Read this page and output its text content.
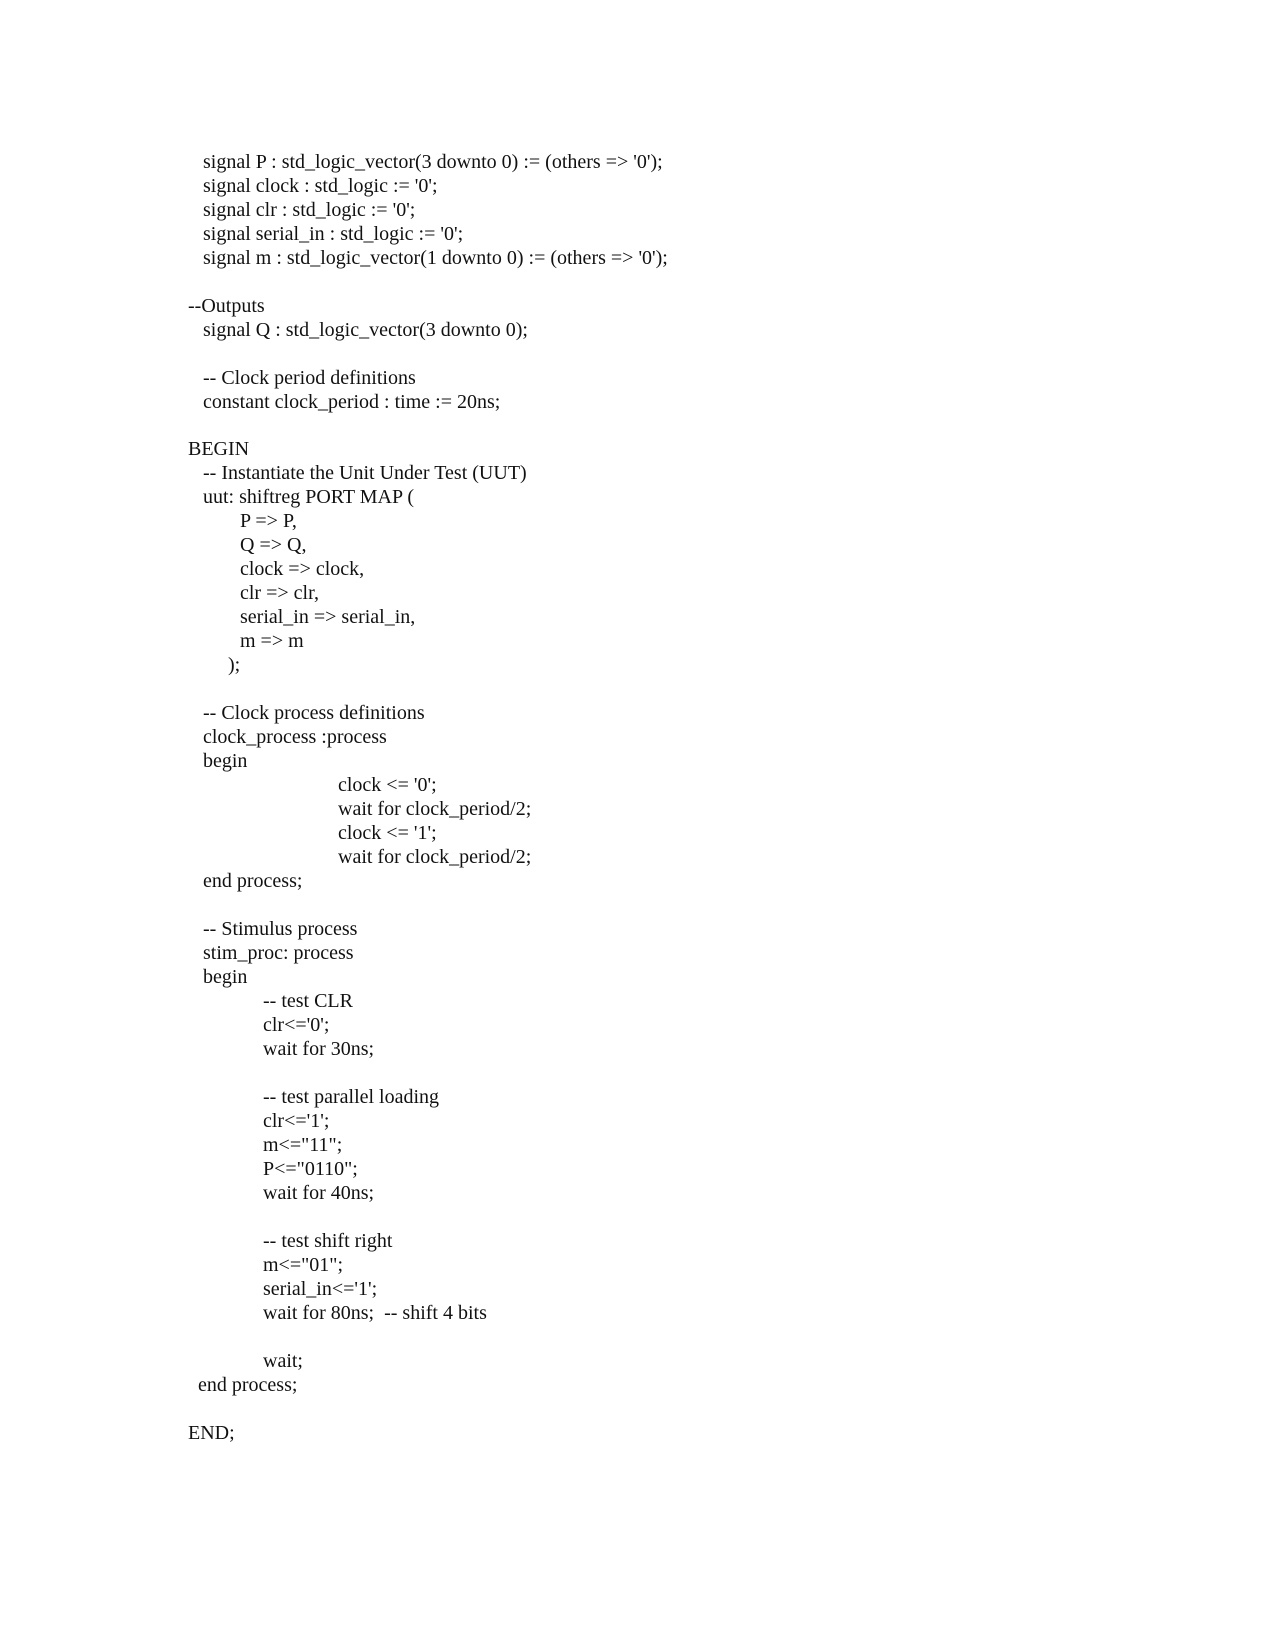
signal P : std_logic_vector(3 downto 0) := (others => '0');

signal clock : std_logic := '0';

signal clr : std_logic := '0';

signal serial_in : std_logic := '0';

signal m : std_logic_vector(1 downto 0) := (others => '0');

--Outputs

signal Q : std_logic_vector(3 downto 0);

-- Clock period definitions

constant clock_period : time := 20ns;

BEGIN

-- Instantiate the Unit Under Test (UUT)

uut: shiftreg PORT MAP (

P => P,

Q => Q,

clock => clock,

clr => clr,

serial_in => serial_in,

m => m

);

-- Clock process definitions

clock_process :process

begin

clock <= '0';

wait for clock_period/2;

clock <= '1';

wait for clock_period/2;

end process;

-- Stimulus process

stim_proc: process

begin

-- test CLR

clr<='0';

wait for 30ns;

-- test parallel loading

clr<='1';

m<="11";

P<="0110";

wait for 40ns;

-- test shift right

m<="01";

serial_in<='1';

wait for 80ns;  -- shift 4 bits

wait;

end process;

END;
